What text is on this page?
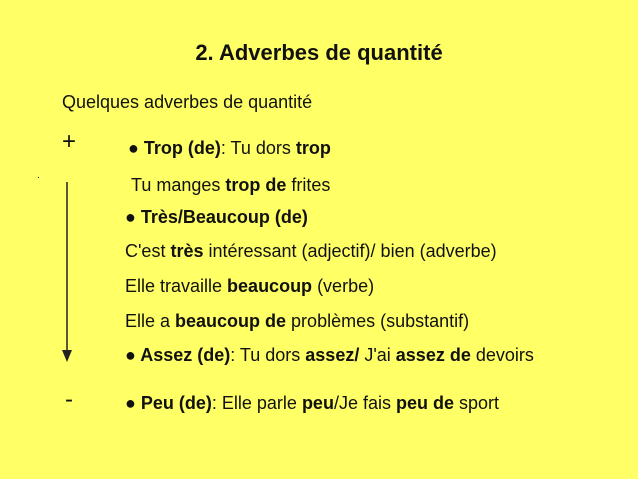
2. Adverbes de quantité
Quelques adverbes de quantité
+
.
-
● Trop (de): Tu dors trop
Tu manges trop de frites
● Très/Beaucoup (de)
C'est très intéressant (adjectif)/ bien (adverbe)
Elle travaille beaucoup (verbe)
Elle a beaucoup de problèmes (substantif)
● Assez (de): Tu dors assez/ J'ai assez de devoirs
● Peu (de): Elle parle peu/Je fais peu de sport
